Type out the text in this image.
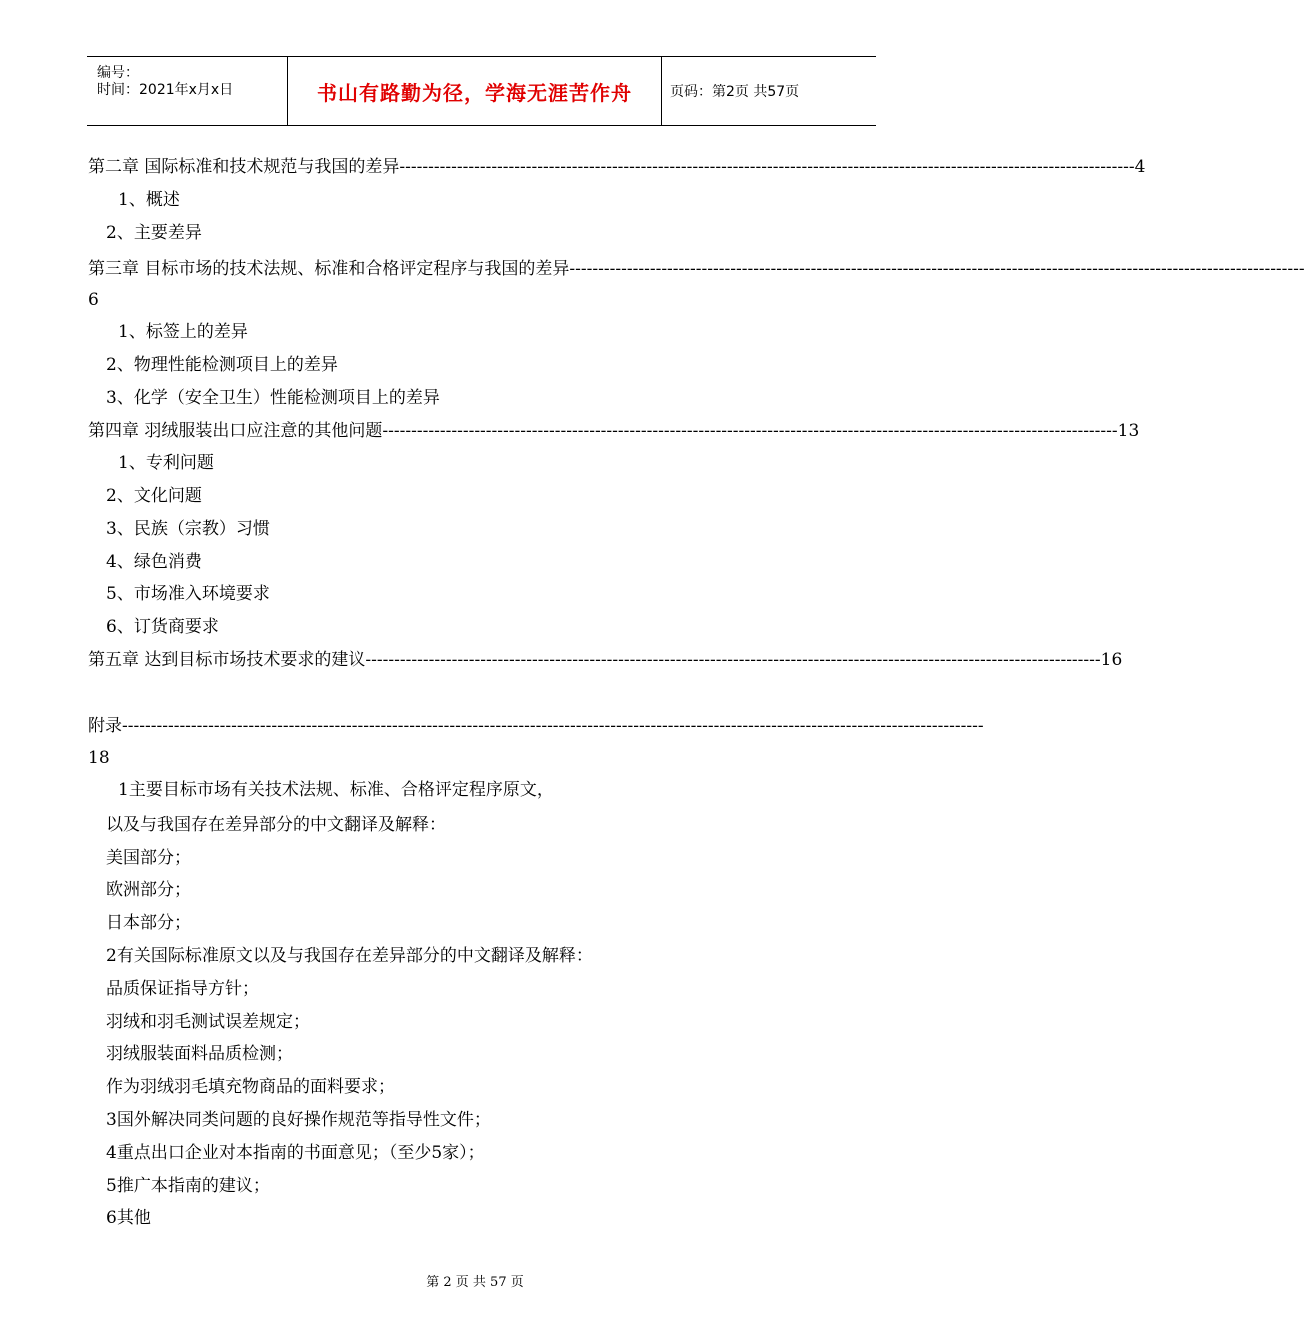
编号：
时间：2021年x月x日	书山有路勤为径，学海无涯苦作舟	页码：第2页 共57页
第二章 国际标准和技术规范与我国的差异 -------------------------------------------------------------------------------------------------------------------------------- 4
1、概述
2、主要差异
第三章 目标市场的技术法规、标准和合格评定程序与我国的差异 --------------------------------------------------------------------------------------------------------------------------------
6
1、标签上的差异
2、物理性能检测项目上的差异
3、化学（安全卫生）性能检测项目上的差异
第四章 羽绒服装出口应注意的其他问题 -------------------------------------------------------------------------------------------------------------------------------- 13
1、专利问题
2、文化问题
3、民族（宗教）习惯
4、绿色消费
5、市场准入环境要求
6、订货商要求
第五章 达到目标市场技术要求的建议 -------------------------------------------------------------------------------------------------------------------------------- 16
附录 ------------------------------------------------------------------------------------------------------------------------------------------------------
18
1主要目标市场有关技术法规、标准、合格评定程序原文，
以及与我国存在差异部分的中文翻译及解释：
美国部分；
欧洲部分；
日本部分；
2有关国际标准原文以及与我国存在差异部分的中文翻译及解释：
品质保证指导方针；
羽绒和羽毛测试误差规定；
羽绒服装面料品质检测；
作为羽绒羽毛填充物商品的面料要求；
3国外解决同类问题的良好操作规范等指导性文件；
4重点出口企业对本指南的书面意见；（至少5家）；
5推广本指南的建议；
6其他
第 2 页 共 57 页
